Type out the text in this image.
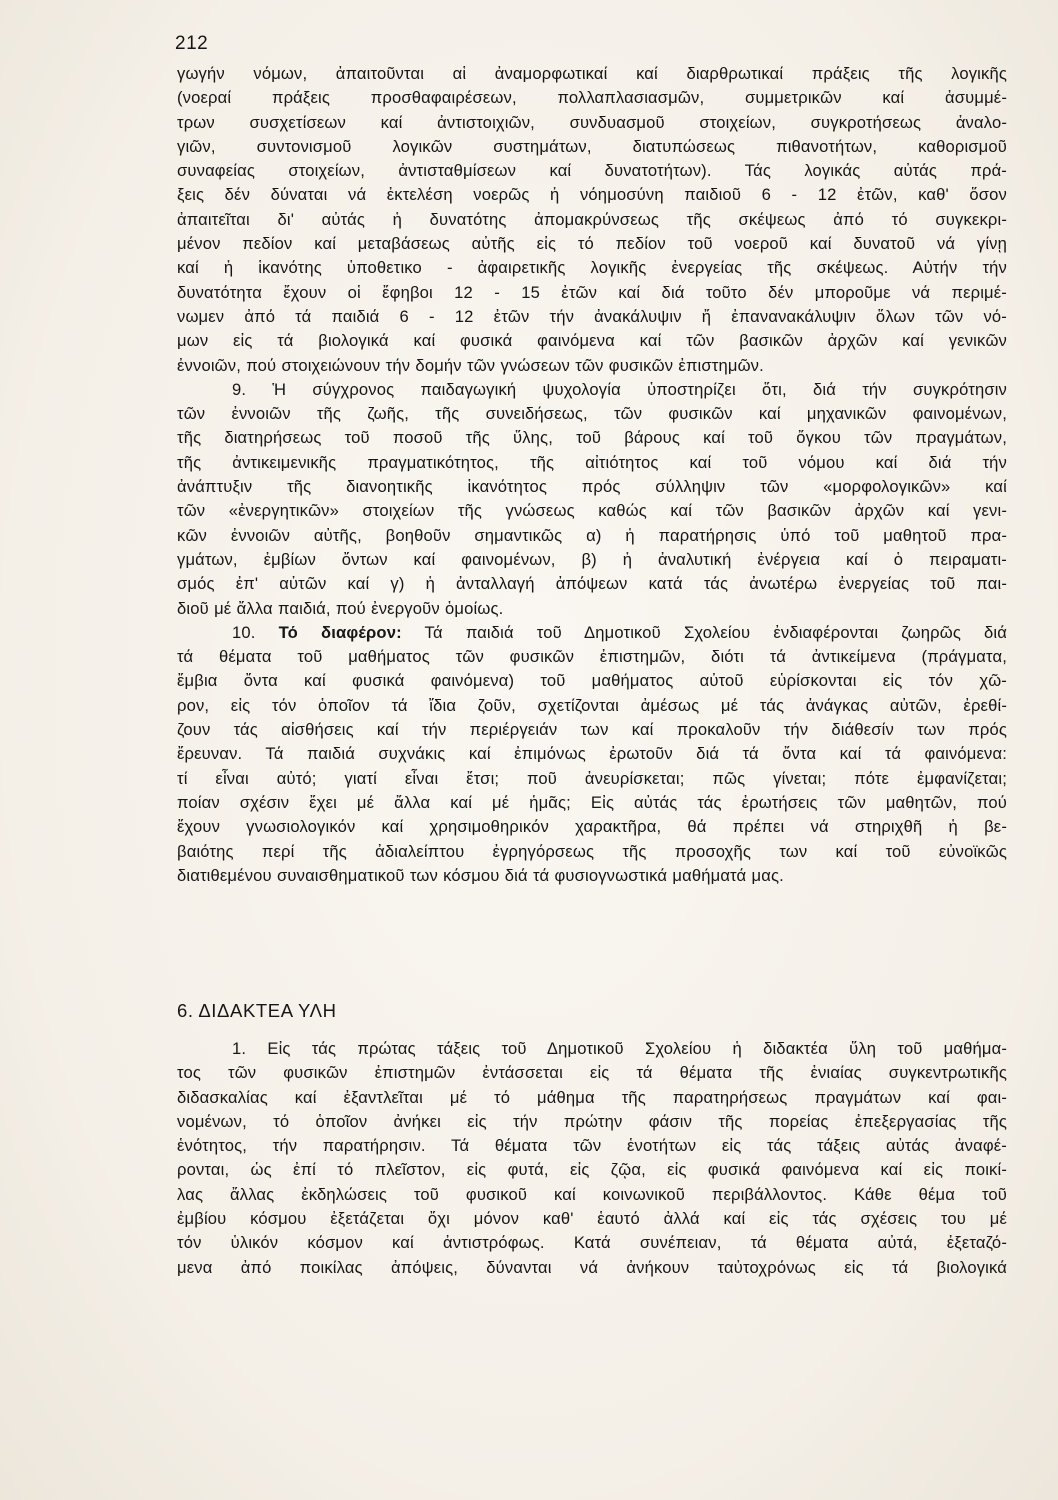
212

γωγήν νόμων, ἀπαιτοῦνται αἱ ἀναμορφωτικαί καί διαρθρωτικαί πράξεις τῆς λογικῆς
(νοεραί πράξεις προσθαφαιρέσεων, πολλαπλασιασμῶν, συμμετρικῶν καί ἀσυμμέ-
τρων συσχετίσεων καί ἀντιστοιχιῶν, συνδυασμοῦ στοιχείων, συγκροτήσεως ἀναλο-
γιῶν, συντονισμοῦ λογικῶν συστημάτων, διατυπώσεως πιθανοτήτων, καθορισμοῦ
συναφείας στοιχείων, ἀντισταθμίσεων καί δυνατοτήτων). Τάς λογικάς αὐτάς πρά-
ξεις δέν δύναται νά ἐκτελέση νοερῶς ἡ νόημοσύνη παιδιοῦ 6 - 12 ἐτῶν, καθ' ὅσον
ἀπαιτεῖται δι' αὐτάς ἡ δυνατότης ἀπομακρύνσεως τῆς σκέψεως ἀπό τό συγκεκρι-
μένον πεδίον καί μεταβάσεως αὐτῆς εἰς τό πεδίον τοῦ νοεροῦ καί δυνατοῦ νά γίνῃ
καί ἡ ἱκανότης ὑποθετικο - ἀφαιρετικῆς λογικῆς ἐνεργείας τῆς σκέψεως. Αὐτήν τήν
δυνατότητα ἔχουν οἱ ἔφηβοι 12 - 15 ἐτῶν καί διά τοῦτο δέν μποροῦμε νά περιμέ-
νωμεν ἀπό τά παιδιά 6 - 12 ἐτῶν τήν ἀνακάλυψιν ἤ ἐπανανακάλυψιν ὅλων τῶν νό-
μων εἰς τά βιολογικά καί φυσικά φαινόμενα καί τῶν βασικῶν ἀρχῶν καί γενικῶν
ἐννοιῶν, πού στοιχειώνουν τήν δομήν τῶν γνώσεων τῶν φυσικῶν ἐπιστημῶν.

9. Ἡ σύγχρονος παιδαγωγική ψυχολογία ὑποστηρίζει ὅτι, διά τήν συγκρότησιν
τῶν ἐννοιῶν τῆς ζωῆς, τῆς συνειδήσεως, τῶν φυσικῶν καί μηχανικῶν φαινομένων,
τῆς διατηρήσεως τοῦ ποσοῦ τῆς ὕλης, τοῦ βάρους καί τοῦ ὄγκου τῶν πραγμάτων,
τῆς ἀντικειμενικῆς πραγματικότητος, τῆς αἰτιότητος καί τοῦ νόμου καί διά τήν
ἀνάπτυξιν τῆς διανοητικῆς ἱκανότητος πρός σύλληψιν τῶν «μορφολογικῶν» καί
τῶν «ἐνεργητικῶν» στοιχείων τῆς γνώσεως καθώς καί τῶν βασικῶν ἀρχῶν καί γενι-
κῶν ἐννοιῶν αὐτῆς, βοηθοῦν σημαντικῶς α) ἡ παρατήρησις ὑπό τοῦ μαθητοῦ πρα-
γμάτων, ἐμβίων ὄντων καί φαινομένων, β) ἡ ἀναλυτική ἐνέργεια καί ὁ πειραματι-
σμός ἐπ' αὐτῶν καί γ) ἡ ἀνταλλαγή ἀπόψεων κατά τάς ἀνωτέρω ἐνεργείας τοῦ παι-
διοῦ μέ ἄλλα παιδιά, πού ἐνεργοῦν ὁμοίως.

10. Τό διαφέρον: Τά παιδιά τοῦ Δημοτικοῦ Σχολείου ἐνδιαφέρονται ζωηρῶς διά
τά θέματα τοῦ μαθήματος τῶν φυσικῶν ἐπιστημῶν, διότι τά ἀντικείμενα (πράγματα,
ἔμβια ὄντα καί φυσικά φαινόμενα) τοῦ μαθήματος αὐτοῦ εὑρίσκονται εἰς τόν χῶ-
ρον, εἰς τόν ὁποῖον τά ἴδια ζοῦν, σχετίζονται ἀμέσως μέ τάς ἀνάγκας αὐτῶν, ἐρεθί-
ζουν τάς αἰσθήσεις καί τήν περιέργειάν των καί προκαλοῦν τήν διάθεσίν των πρός
ἔρευναν. Τά παιδιά συχνάκις καί ἐπιμόνως ἐρωτοῦν διά τά ὄντα καί τά φαινόμενα:
τί εἶναι αὐτό; γιατί εἶναι ἔτσι; ποῦ ἀνευρίσκεται; πῶς γίνεται; πότε ἐμφανίζεται;
ποίαν σχέσιν ἔχει μέ ἄλλα καί μέ ἡμᾶς; Εἰς αὐτάς τάς ἐρωτήσεις τῶν μαθητῶν, πού
ἔχουν γνωσιολογικόν καί χρησιμοθηρικόν χαρακτῆρα, θά πρέπει νά στηριχθῆ ἡ βε-
βαιότης περί τῆς ἀδιαλείπτου ἐγρηγόρσεως τῆς προσοχῆς των καί τοῦ εὐνοϊκῶς
διατιθεμένου συναισθηματικοῦ των κόσμου διά τά φυσιογνωστικά μαθήματά μας.

6. ΔΙΔΑΚΤΕΑ ΥΛΗ

1. Εἰς τάς πρώτας τάξεις τοῦ Δημοτικοῦ Σχολείου ἡ διδακτέα ὕλη τοῦ μαθήμα-
τος τῶν φυσικῶν ἐπιστημῶν ἐντάσσεται εἰς τά θέματα τῆς ἑνιαίας συγκεντρωτικῆς
διδασκαλίας καί ἐξαντλεῖται μέ τό μάθημα τῆς παρατηρήσεως πραγμάτων καί φαι-
νομένων, τό ὁποῖον ἀνήκει εἰς τήν πρώτην φάσιν τῆς πορείας ἐπεξεργασίας τῆς
ἑνότητος, τήν παρατήρησιν. Τά θέματα τῶν ἑνοτήτων εἰς τάς τάξεις αὐτάς ἀναφέ-
ρονται, ὡς ἐπί τό πλεῖστον, εἰς φυτά, εἰς ζῷα, εἰς φυσικά φαινόμενα καί εἰς ποικί-
λας ἄλλας ἐκδηλώσεις τοῦ φυσικοῦ καί κοινωνικοῦ περιβάλλοντος. Κάθε θέμα τοῦ
ἐμβίου κόσμου ἐξετάζεται ὄχι μόνον καθ' ἑαυτό ἀλλά καί εἰς τάς σχέσεις του μέ
τόν ὑλικόν κόσμον καί ἀντιστρόφως. Κατά συνέπειαν, τά θέματα αὐτά, ἐξεταζό-
μενα ἀπό ποικίλας ἀπόψεις, δύνανται νά ἀνήκουν ταὐτοχρόνως εἰς τά βιολογικά
